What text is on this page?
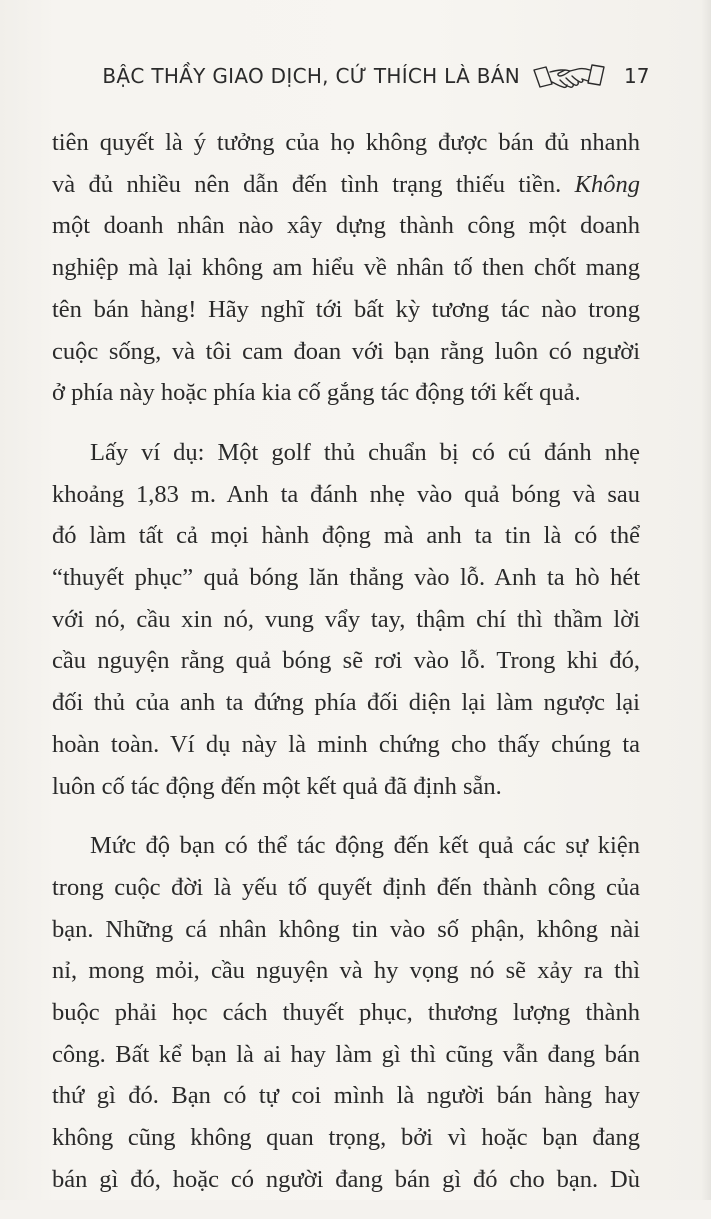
BẬC THẦY GIAO DỊCH, CỨ THÍCH LÀ BÁN	17

tiên quyết là ý tưởng của họ không được bán đủ nhanh
và đủ nhiều nên dẫn đến tình trạng thiếu tiền. Không
một doanh nhân nào xây dựng thành công một doanh
nghiệp mà lại không am hiểu về nhân tố then chốt mang
tên bán hàng! Hãy nghĩ tới bất kỳ tương tác nào trong
cuộc sống, và tôi cam đoan với bạn rằng luôn có người
ở phía này hoặc phía kia cố gắng tác động tới kết quả.

Lấy ví dụ: Một golf thủ chuẩn bị có cú đánh nhẹ
khoảng 1,83 m. Anh ta đánh nhẹ vào quả bóng và sau
đó làm tất cả mọi hành động mà anh ta tin là có thể
“thuyết phục” quả bóng lăn thẳng vào lỗ. Anh ta hò hét
với nó, cầu xin nó, vung vẩy tay, thậm chí thì thầm lời
cầu nguyện rằng quả bóng sẽ rơi vào lỗ. Trong khi đó,
đối thủ của anh ta đứng phía đối diện lại làm ngược lại
hoàn toàn. Ví dụ này là minh chứng cho thấy chúng ta
luôn cố tác động đến một kết quả đã định sẵn.

Mức độ bạn có thể tác động đến kết quả các sự kiện
trong cuộc đời là yếu tố quyết định đến thành công của
bạn. Những cá nhân không tin vào số phận, không nài
nỉ, mong mỏi, cầu nguyện và hy vọng nó sẽ xảy ra thì
buộc phải học cách thuyết phục, thương lượng thành
công. Bất kể bạn là ai hay làm gì thì cũng vẫn đang bán
thứ gì đó. Bạn có tự coi mình là người bán hàng hay
không cũng không quan trọng, bởi vì hoặc bạn đang
bán gì đó, hoặc có người đang bán gì đó cho bạn. Dù
